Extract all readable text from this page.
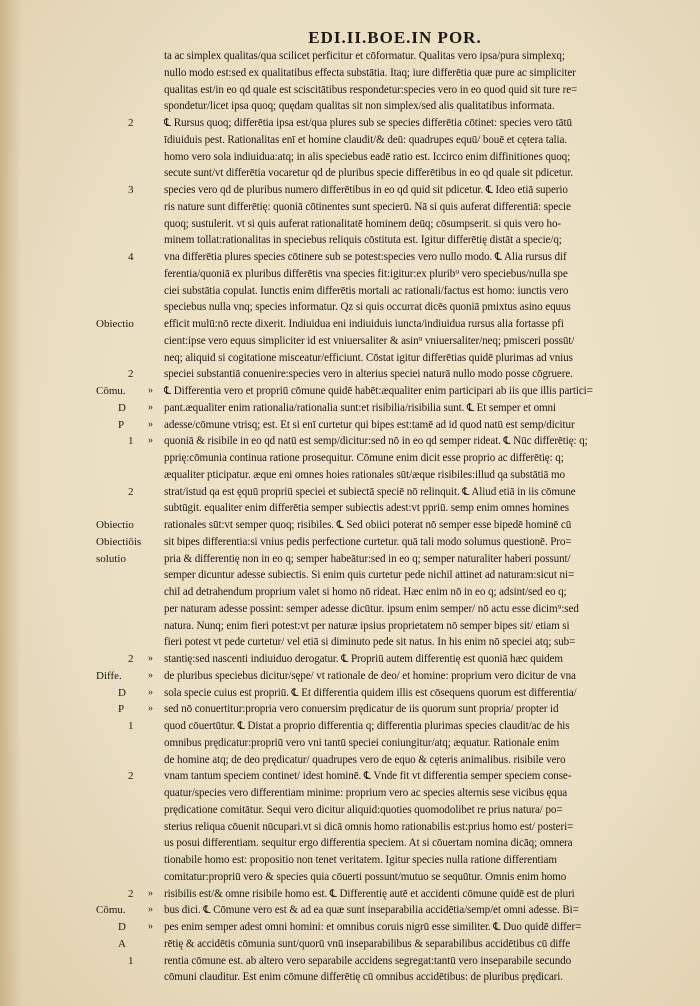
EDI.II.BOE.IN POR.
ta ac simplex qualitas/qua scilicet perficitur et cōformatur. Qualitas vero ipsa/pura simplexq;
nullo modo est:sed ex qualitatibus effecta substātia. Itaq; iure differētia quæ pure ac simpliciter
qualitas est/in eo qd quale est sciscitātibus respondetur:species vero in eo quod quid sit ture re=
spondetur/licet ipsa quoq; quędam qualitas sit non simplex/sed alis qualitatibus informata.
℄ Rursus quoq; differētia ipsa est/qua plures sub se species differētia cōtinet: species vero tātū
īdiuiduis pest. Rationalitas enī et homine claudit/& deū: quadrupes equū/ bouē et cętera talia.
homo vero sola indiuidua:atq; in alis speciebus eadē ratio est. Iccirco enim diffinitiones quoq;
secute sunt/vt differētia vocaretur qd de pluribus specie differētibus in eo qd quale sit pdicetur.
species vero qd de pluribus numero differētibus in eo qd quid sit pdicetur. ℄ Ideo etiā superio
ris nature sunt differētię: quoniā cōtinentes sunt specierū. Nā si quis auferat differentiā: specie
quoq; sustulerit. vt si quis auferat rationalitatē hominem deūq; cōsumpserit. si quis vero ho-
minem tollat:rationalitas in speciebus reliquis cōstituta est. Igitur differētię distāt a specie/q;
vna differētia plures species cōtinere sub se potest:species vero nullo modo. ℄ Alia rursus dif
ferentia/quoniā ex pluribus differētis vna species fit:igitur:ex plurib⁹ vero speciebus/nulla spe
ciei substātia copulat. Iunctis enim differētis mortali ac rationali/factus est homo: iunctis vero
speciebus nulla vnq; species informatur. Qz si quis occurrat dicēs quoniā pmixtus asino equus
efficit mulū:nō recte dixerit. Indiuidua eni indiuiduis iuncta/indiuidua rursus alia fortasse pfi
cient:ipse vero equus simpliciter id est vniuersaliter & asin⁹ vniuersaliter/neq; pmisceri possūt/
neq; aliquid si cogitatione misceatur/efficiunt. Cōstat igitur differētias quidē plurimas ad vnius
speciei substantiā conuenire:species vero in alterius speciei naturā nullo modo posse cōgruere.
℄ Differentia vero et propriū cōmune quidē habēt:æqualiter enim participari ab iis que illis partici=
pant.æqualiter enim rationalia/rationalia sunt:et risibilia/risibilia sunt. ℄ Et semper et omni
adesse/cōmune vtrisq; est. Et si enī curtetur qui bipes est:tamē ad id quod natū est semp/dicitur
quoniā & risibile in eo qd natū est semp/dicitur:sed nō in eo qd semper rideat. ℄ Nūc differētię: q;
pprię:cōmunia continua ratione prosequitur. Cōmune enim dicit esse proprio ac differētię: q;
æqualiter pticipatur. æque eni omnes hoies rationales sūt/æque risibiles:illud qa substātiā mo
strat/istud qa est ęquū propriū speciei et subiectā speciē nō relinquit. ℄ Aliud etiā in iis cōmune
subtūgit. equaliter enim differētia semper subiectis adest:vt ppriū. semp enim omnes homines
rationales sūt:vt semper quoq; risibiles. ℄ Sed obiici poterat nō semper esse bipedē hominē cū
sit bipes differentia:si vnius pedis perfectione curtetur. quā tali modo solumus questionē. Pro=
pria & differentię non in eo q; semper habeātur:sed in eo q; semper naturaliter haberi possunt/
semper dicuntur adesse subiectis. Si enim quis curtetur pede nichil attinet ad naturam:sicut ni=
chil ad detrahendum proprium valet si homo nō rideat. Hæc enim nō in eo q; adsint/sed eo q;
per naturam adesse possint: semper adesse dicūtur. ipsum enim semper/ nō actu esse dicim⁹:sed
natura. Nunq; enim fieri potest:vt per naturæ ipsius proprietatem nō semper bipes sit/ etiam si
fieri potest vt pede curtetur/ vel etiā si diminuto pede sit natus. In his enim nō speciei atq; sub=
stantię:sed nascenti indiuiduo derogatur. ℄ Propriū autem differentię est quoniā hæc quidem
de pluribus speciebus dicitur/sępe/ vt rationale de deo/ et homine: proprium vero dicitur de vna
sola specie cuius est propriū. ℄ Et differentia quidem illis est cōsequens quorum est differentia/
sed nō conuertitur:propria vero conuersim prędicatur de iis quorum sunt propria/ propter id
quod cōuertūtur. ℄ Distat a proprio differentia q; differentia plurimas species claudit/ac de his
omnibus prędicatur:propriū vero vni tantū speciei coniungitur/atq; æquatur. Rationale enim
de homine atq; de deo prędicatur/ quadrupes vero de equo & cęteris animalibus. risibile vero
vnam tantum speciem continet/ idest hominē. ℄ Vnde fit vt differentia semper speciem conse-
quatur/species vero differentiam minime: proprium vero ac species alternis sese vicibus ęqua
prędicatione comitātur. Sequi vero dicitur aliquid:quoties quomodolibet re prius natura/ po=
sterius reliqua cōuenit nūcupari.vt si dicā omnis homo rationabilis est:prius homo est/ posteri=
us posui differentiam. sequitur ergo differentia speciem. At si cōuertam nomina dicāq; omnera
tionabile homo est: propositio non tenet veritatem. Igitur species nulla ratione differentiam
comitatur:propriū vero & species quia cōuerti possunt/mutuo se sequūtur. Omnis enim homo
risibilis est/& omne risibile homo est. ℄ Differentię autē et accidenti cōmune quidē est de pluri
bus dici. ℄ Cōmune vero est & ad ea quæ sunt inseparabilia accidētia/semp/et omni adesse. Bi=
pes enim semper adest omni homini: et omnibus coruis nigrū esse similiter. ℄ Duo quidē differ=
rētię & accidētis cōmunia sunt/quorū vnū inseparabilibus & separabilibus accidētibus cū diffe
rentia cōmune est. ab altero vero separabile accidens segregat:tantū vero inseparabile secundo
cōmuni clauditur. Est enim cōmune differētię cū omnibus accidētibus: de pluribus prędicari.
2
3
4
Obiectio
2
Cōmu.
D
P
1
2
Obiectio
Obiectiōis
solutio
2
Diffe.
D
P
1
2
2
Cōmu.
D
A
1
»
»
»
»
»
»
»
»
»
»
»
